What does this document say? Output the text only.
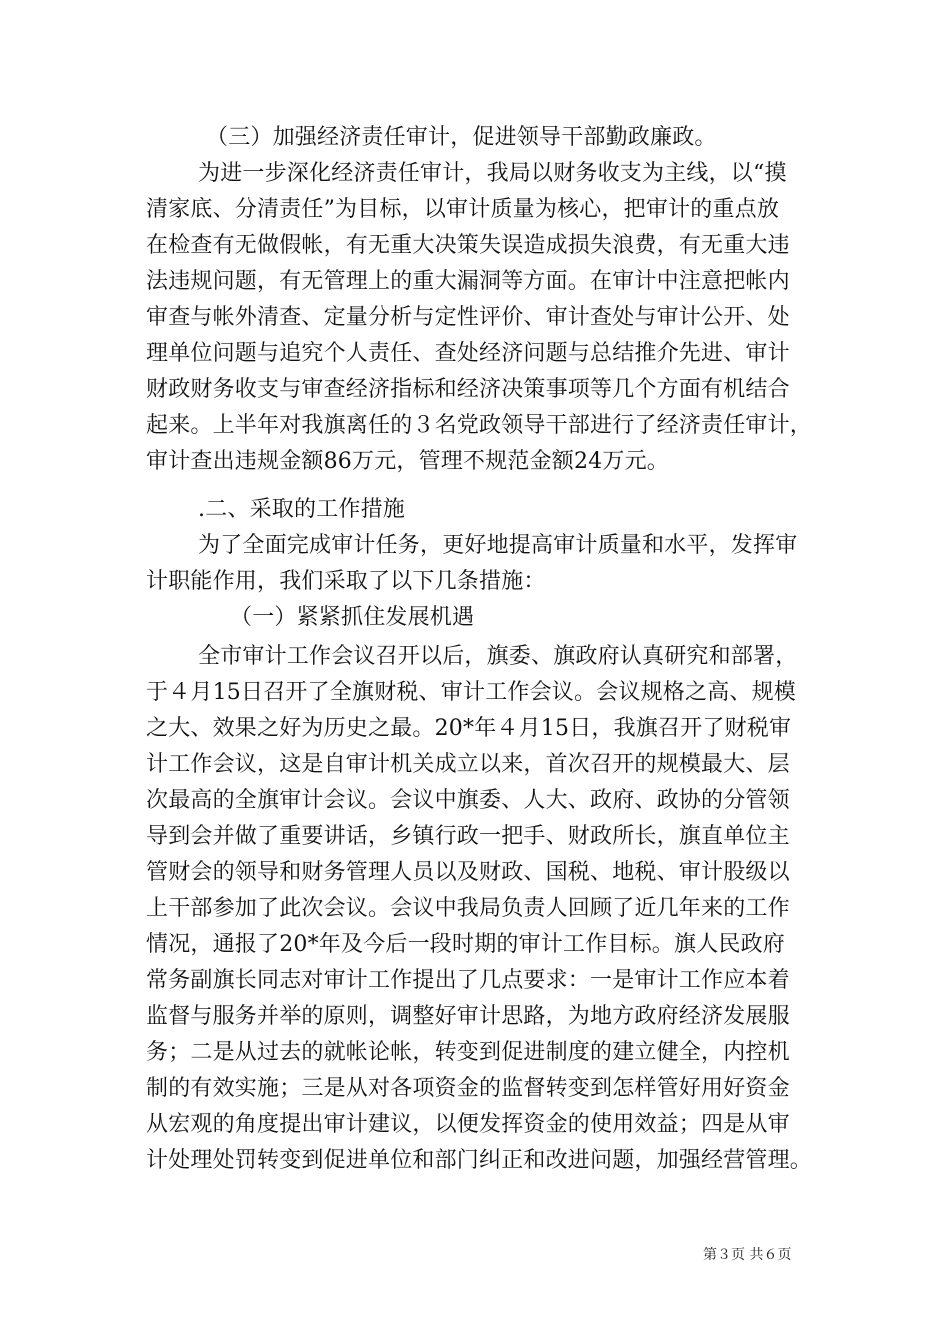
（三）加强经济责任审计，促进领导干部勤政廉政。
为进一步深化经济责任审计，我局以财务收支为主线，以“摸
清家底、分清责任”为目标，以审计质量为核心，把审计的重点放
在检查有无做假帐，有无重大决策失误造成损失浪费，有无重大违
法违规问题，有无管理上的重大漏洞等方面。在审计中注意把帐内
审查与帐外清查、定量分析与定性评价、审计查处与审计公开、处
理单位问题与追究个人责任、查处经济问题与总结推介先进、审计
财政财务收支与审查经济指标和经济决策事项等几个方面有机结合
起来。上半年对我旗离任的３名党政领导干部进行了经济责任审计，
审计查出违规金额86万元，管理不规范金额24万元。
.二、采取的工作措施
为了全面完成审计任务，更好地提高审计质量和水平，发挥审
计职能作用，我们采取了以下几条措施：
（一）紧紧抓住发展机遇
全市审计工作会议召开以后，旗委、旗政府认真研究和部署，
于４月15日召开了全旗财税、审计工作会议。会议规格之高、规模
之大、效果之好为历史之最。20*年４月15日，我旗召开了财税审
计工作会议，这是自审计机关成立以来，首次召开的规模最大、层
次最高的全旗审计会议。会议中旗委、人大、政府、政协的分管领
导到会并做了重要讲话，乡镇行政一把手、财政所长，旗直单位主
管财会的领导和财务管理人员以及财政、国税、地税、审计股级以
上干部参加了此次会议。会议中我局负责人回顾了近几年来的工作
情况，通报了20*年及今后一段时期的审计工作目标。旗人民政府
常务副旗长同志对审计工作提出了几点要求：一是审计工作应本着
监督与服务并举的原则，调整好审计思路，为地方政府经济发展服
务；二是从过去的就帐论帐，转变到促进制度的建立健全，内控机
制的有效实施；三是从对各项资金的监督转变到怎样管好用好资金
从宏观的角度提出审计建议，以便发挥资金的使用效益；四是从审
计处理处罚转变到促进单位和部门纠正和改进问题，加强经营管理。
第３页 共６页
